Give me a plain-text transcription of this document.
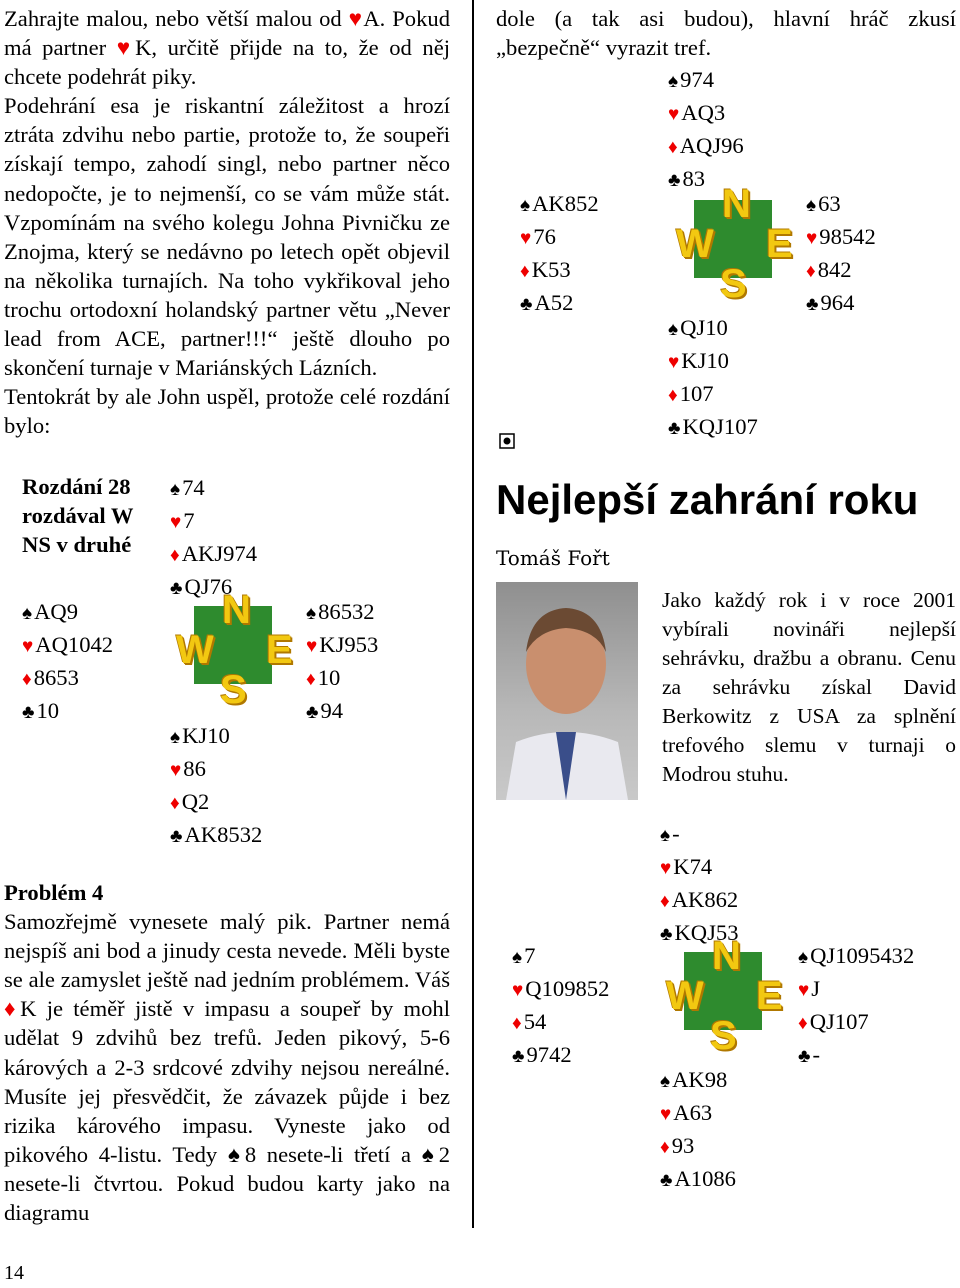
Zahrajte malou, nebo větší malou od ♥A. Pokud má partner ♥K, určitě přijde na to, že od něj chcete podehrát piky.

Podehrání esa je riskantní záležitost a hrozí ztráta zdvihu nebo partie, protože to, že soupeři získají tempo, zahodí singl, nebo partner něco nedopočte, je to nejmenší, co se vám může stát. Vzpomínám na svého kolegu Johna Pivničku ze Znojma, který se nedávno po letech opět objevil na několika turnajích. Na toho vykřikoval jeho trochu ortodoxní holandský partner větu „Never lead from ACE, partner!!!“ ještě dlouho po skončení turnaje v Mariánských Lázních.

Tentokrát by ale John uspěl, protože celé rozdání bylo:

Rozdání 28
rozdával W
NS v druhé
♠ 74
♥ 7
♦ AKJ974
♣ QJ76
♠ AQ9
♥ AQ1042
♦ 8653
♣ 10
N
W E
S
♠ 86532
♥ KJ953
♦ 10
♣ 94
♠ KJ10
♥ 86
♦ Q2
♣ AK8532

Problém 4

Samozřejmě vynesete malý pik. Partner nemá nejspíš ani bod a jinudy cesta nevede. Měli byste se ale zamyslet ještě nad jedním problémem. Váš ♦K je téměř jistě v impasu a soupeř by mohl udělat 9 zdvihů bez trefů. Jeden pikový, 5-6 kárových a 2-3 srdcové zdvihy nejsou nereálné. Musíte jej přesvědčit, že závazek půjde i bez rizika kárového impasu. Vyneste jako od pikového 4-listu. Tedy ♠8 nesete-li třetí a ♠2 nesete-li čtvrtou. Pokud budou karty jako na diagramu

dole (a tak asi budou), hlavní hráč zkusí „bezpečně“ vyrazit tref.
♠ 974
♥ AQ3
♦ AQJ96
♣ 83
♠ AK852
♥ 76
♦ K53
♣ A52
N
W E
S
♠ 63
♥ 98542
♦ 842
♣ 964
♠ QJ10
♥ KJ10
♦ 107
♣ KQJ107
Nejlepší zahrání roku
Tomáš Fořt
Jako každý rok i v roce 2001 vybírali novináři nejlepší sehrávku, dražbu a obranu. Cenu za sehrávku získal David Berkowitz z USA za splnění trefového slemu v turnaji o Modrou stuhu.
♠ -
♥ K74
♦ AK862
♣ KQJ53
♠ 7
♥ Q109852
♦ 54
♣ 9742
N
W E
S
♠ QJ1095432
♥ J
♦ QJ107
♣ -
♠ AK98
♥ A63
♦ 93
♣ A1086
14
